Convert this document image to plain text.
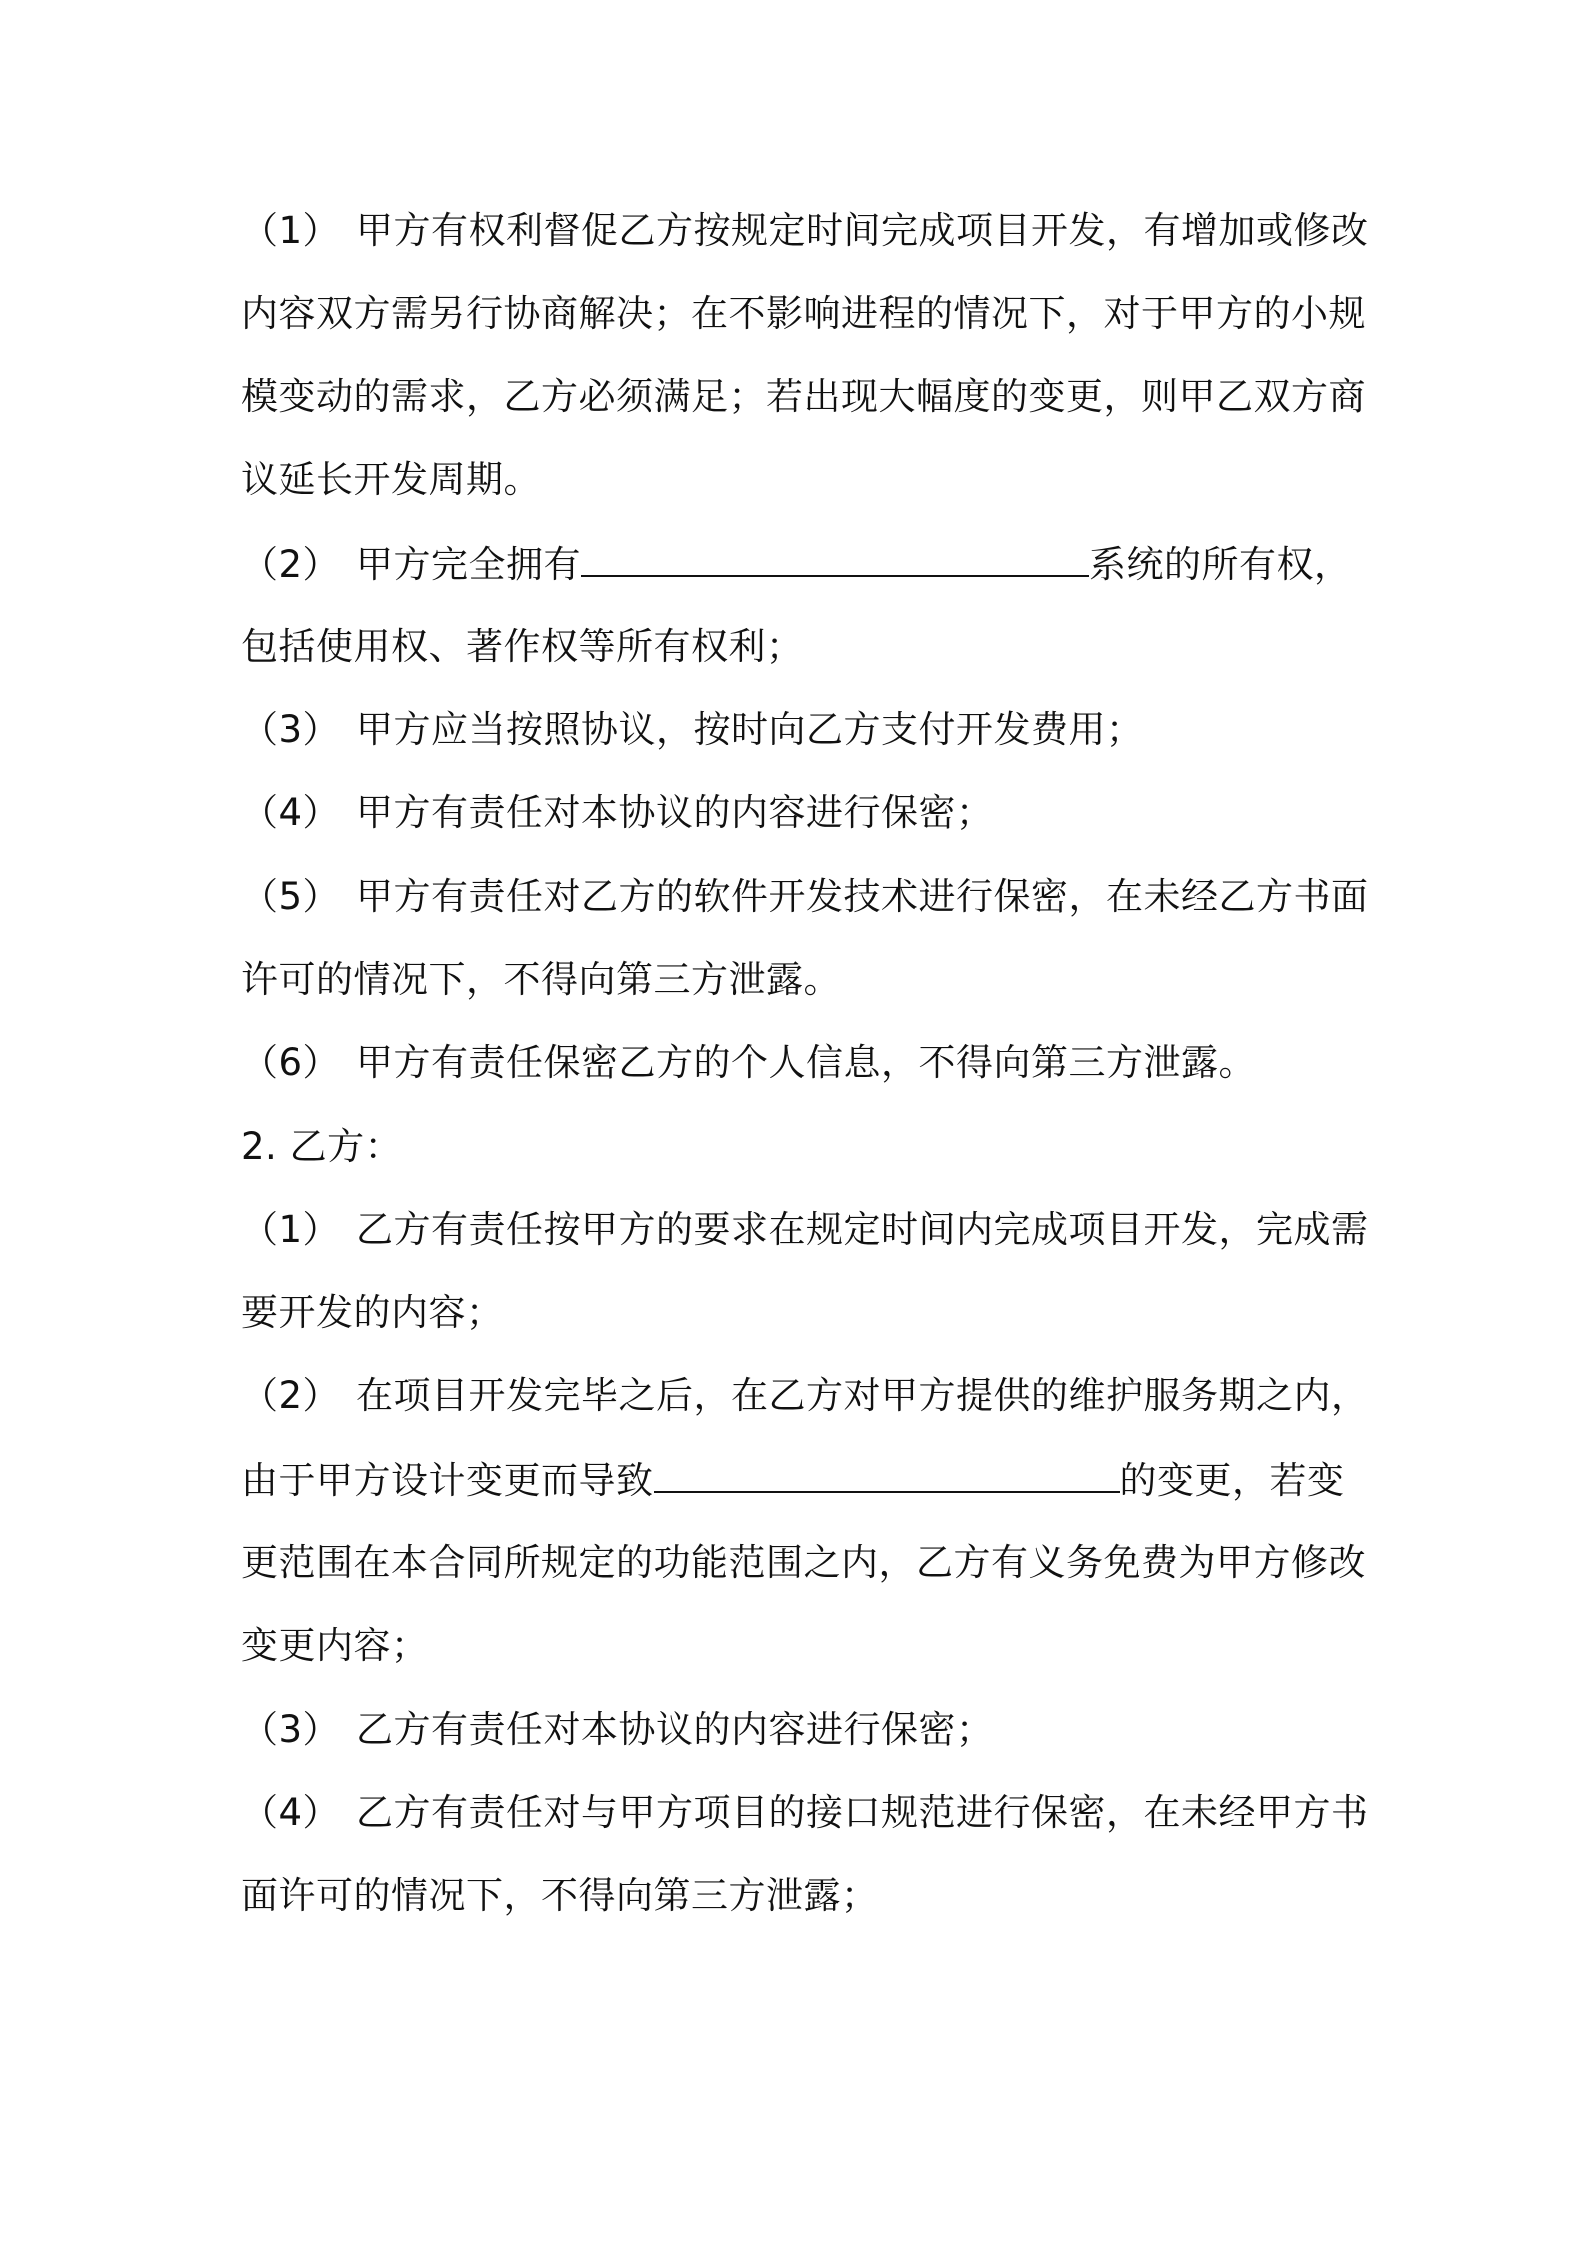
（1） 甲方有权利督促乙方按规定时间完成项目开发，有增加或修改
内容双方需另行协商解决；在不影响进程的情况下，对于甲方的小规
模变动的需求，乙方必须满足；若出现大幅度的变更，则甲乙双方商
议延长开发周期。
（2） 甲方完全拥有	系统的所有权，
包括使用权、著作权等所有权利；
（3） 甲方应当按照协议，按时向乙方支付开发费用；
（4） 甲方有责任对本协议的内容进行保密；
（5） 甲方有责任对乙方的软件开发技术进行保密，在未经乙方书面
许可的情况下，不得向第三方泄露。
（6） 甲方有责任保密乙方的个人信息，不得向第三方泄露。
2. 乙方：
（1） 乙方有责任按甲方的要求在规定时间内完成项目开发，完成需
要开发的内容；
（2） 在项目开发完毕之后，在乙方对甲方提供的维护服务期之内，
由于甲方设计变更而导致	的变更，若变
更范围在本合同所规定的功能范围之内，乙方有义务免费为甲方修改
变更内容；
（3） 乙方有责任对本协议的内容进行保密；
（4） 乙方有责任对与甲方项目的接口规范进行保密，在未经甲方书
面许可的情况下，不得向第三方泄露；
